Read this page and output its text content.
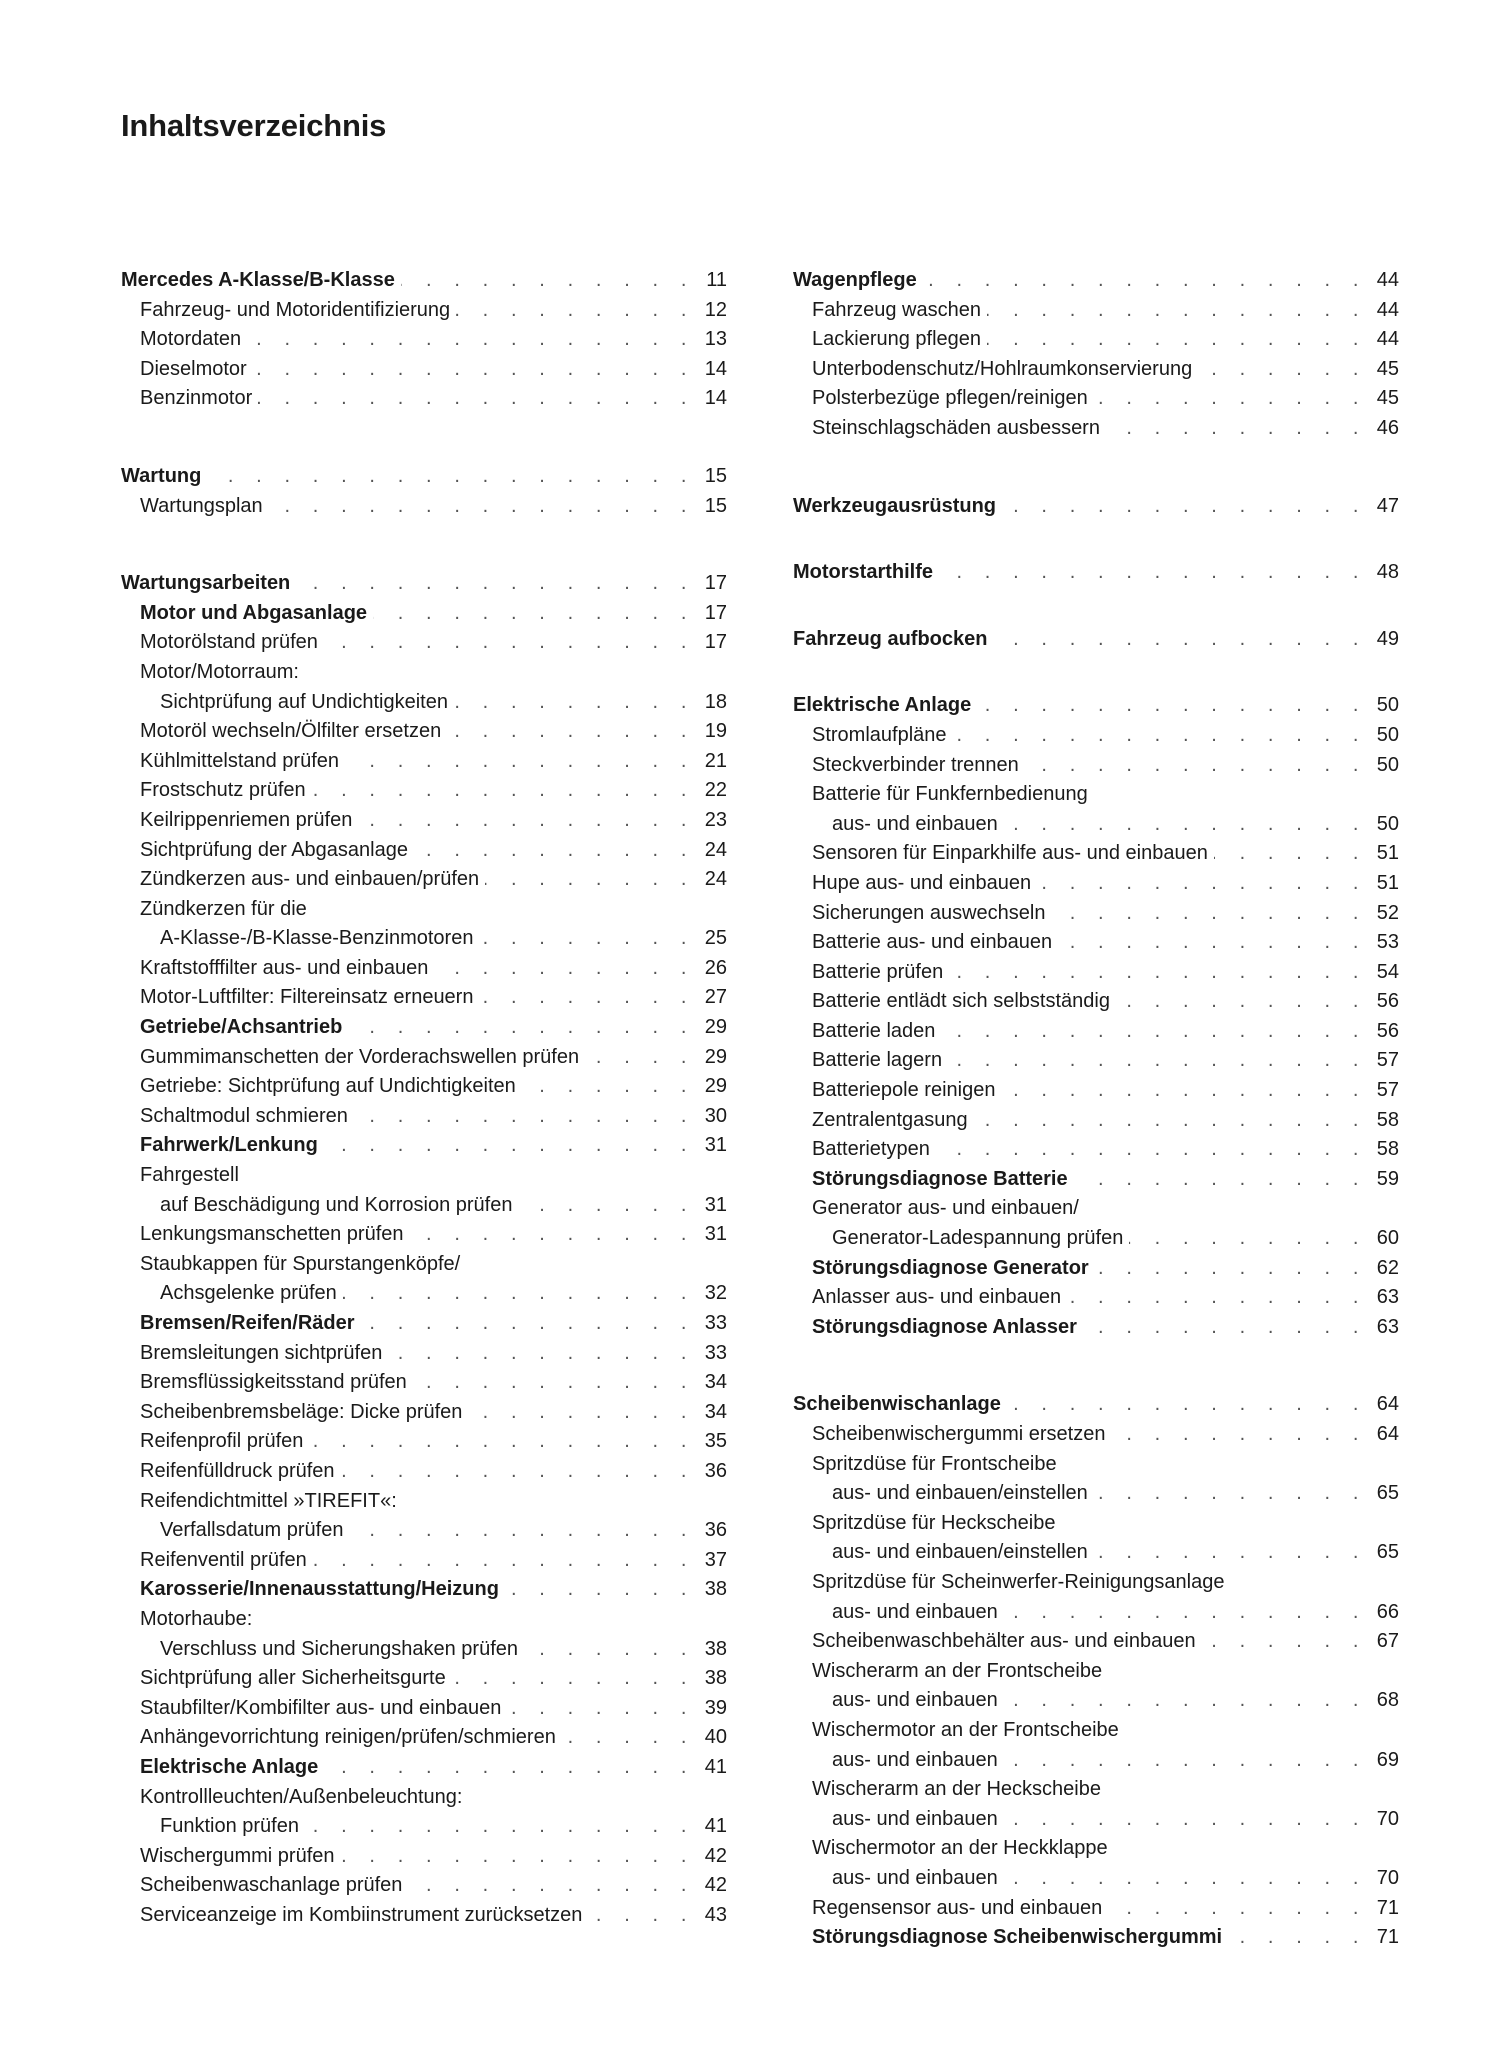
Inhaltsverzeichnis
Mercedes A-Klasse/B-Klasse . . .	11
Fahrzeug- und Motoridentifizierung . . .	12
Motordaten . . .	13
Dieselmotor . . .	14
Benzinmotor . . .	14
Wartung . . .	15
Wartungsplan . . .	15
Wartungsarbeiten . . .	17
Motor und Abgasanlage . . .	17
Motorölstand prüfen . . .	17
Motor/Motorraum:
Sichtprüfung auf Undichtigkeiten . . .	18
Motoröl wechseln/Ölfilter ersetzen . . .	19
Kühlmittelstand prüfen . . .	21
Frostschutz prüfen . . .	22
Keilrippenriemen prüfen . . .	23
Sichtprüfung der Abgasanlage . . .	24
Zündkerzen aus- und einbauen/prüfen . . .	24
Zündkerzen für die
A-Klasse-/B-Klasse-Benzinmotoren . . .	25
Kraftstofffilter aus- und einbauen . . .	26
Motor-Luftfilter: Filtereinsatz erneuern . . .	27
Getriebe/Achsantrieb . . .	29
Gummimanschetten der Vorderachswellen prüfen . . .	29
Getriebe: Sichtprüfung auf Undichtigkeiten . . .	29
Schaltmodul schmieren . . .	30
Fahrwerk/Lenkung . . .	31
Fahrgestell
auf Beschädigung und Korrosion prüfen . . .	31
Lenkungsmanschetten prüfen . . .	31
Staubkappen für Spurstangenköpfe/
Achsgelenke prüfen . . .	32
Bremsen/Reifen/Räder . . .	33
Bremsleitungen sichtprüfen . . .	33
Bremsflüssigkeitsstand prüfen . . .	34
Scheibenbremsbeläge: Dicke prüfen . . .	34
Reifenprofil prüfen . . .	35
Reifenfülldruck prüfen . . .	36
Reifendichtmittel »TIREFIT«:
Verfallsdatum prüfen . . .	36
Reifenventil prüfen . . .	37
Karosserie/Innenausstattung/Heizung . . .	38
Motorhaube:
Verschluss und Sicherungshaken prüfen . . .	38
Sichtprüfung aller Sicherheitsgurte . . .	38
Staubfilter/Kombifilter aus- und einbauen . . .	39
Anhängevorrichtung reinigen/prüfen/schmieren . . .	40
Elektrische Anlage . . .	41
Kontrollleuchten/Außenbeleuchtung:
Funktion prüfen . . .	41
Wischergummi prüfen . . .	42
Scheibenwaschanlage prüfen . . .	42
Serviceanzeige im Kombiinstrument zurücksetzen . . .	43
Wagenpflege . . .	44
Fahrzeug waschen . . .	44
Lackierung pflegen . . .	44
Unterbodenschutz/Hohlraumkonservierung . . .	45
Polsterbezüge pflegen/reinigen . . .	45
Steinschlagschäden ausbessern . . .	46
Werkzeugausrüstung . . .	47
Motorstarthilfe . . .	48
Fahrzeug aufbocken . . .	49
Elektrische Anlage . . .	50
Stromlaufpläne . . .	50
Steckverbinder trennen . . .	50
Batterie für Funkfernbedienung
aus- und einbauen . . .	50
Sensoren für Einparkhilfe aus- und einbauen . . .	51
Hupe aus- und einbauen . . .	51
Sicherungen auswechseln . . .	52
Batterie aus- und einbauen . . .	53
Batterie prüfen . . .	54
Batterie entlädt sich selbstständig . . .	56
Batterie laden . . .	56
Batterie lagern . . .	57
Batteriepole reinigen . . .	57
Zentralentgasung . . .	58
Batterietypen . . .	58
Störungsdiagnose Batterie . . .	59
Generator aus- und einbauen/
Generator-Ladespannung prüfen . . .	60
Störungsdiagnose Generator . . .	62
Anlasser aus- und einbauen . . .	63
Störungsdiagnose Anlasser . . .	63
Scheibenwischanlage . . .	64
Scheibenwischergummi ersetzen . . .	64
Spritzdüse für Frontscheibe
aus- und einbauen/einstellen . . .	65
Spritzdüse für Heckscheibe
aus- und einbauen/einstellen . . .	65
Spritzdüse für Scheinwerfer-Reinigungsanlage
aus- und einbauen . . .	66
Scheibenwaschbehälter aus- und einbauen . . .	67
Wischerarm an der Frontscheibe
aus- und einbauen . . .	68
Wischermotor an der Frontscheibe
aus- und einbauen . . .	69
Wischerarm an der Heckscheibe
aus- und einbauen . . .	70
Wischermotor an der Heckklappe
aus- und einbauen . . .	70
Regensensor aus- und einbauen . . .	71
Störungsdiagnose Scheibenwischergummi . . .	71
